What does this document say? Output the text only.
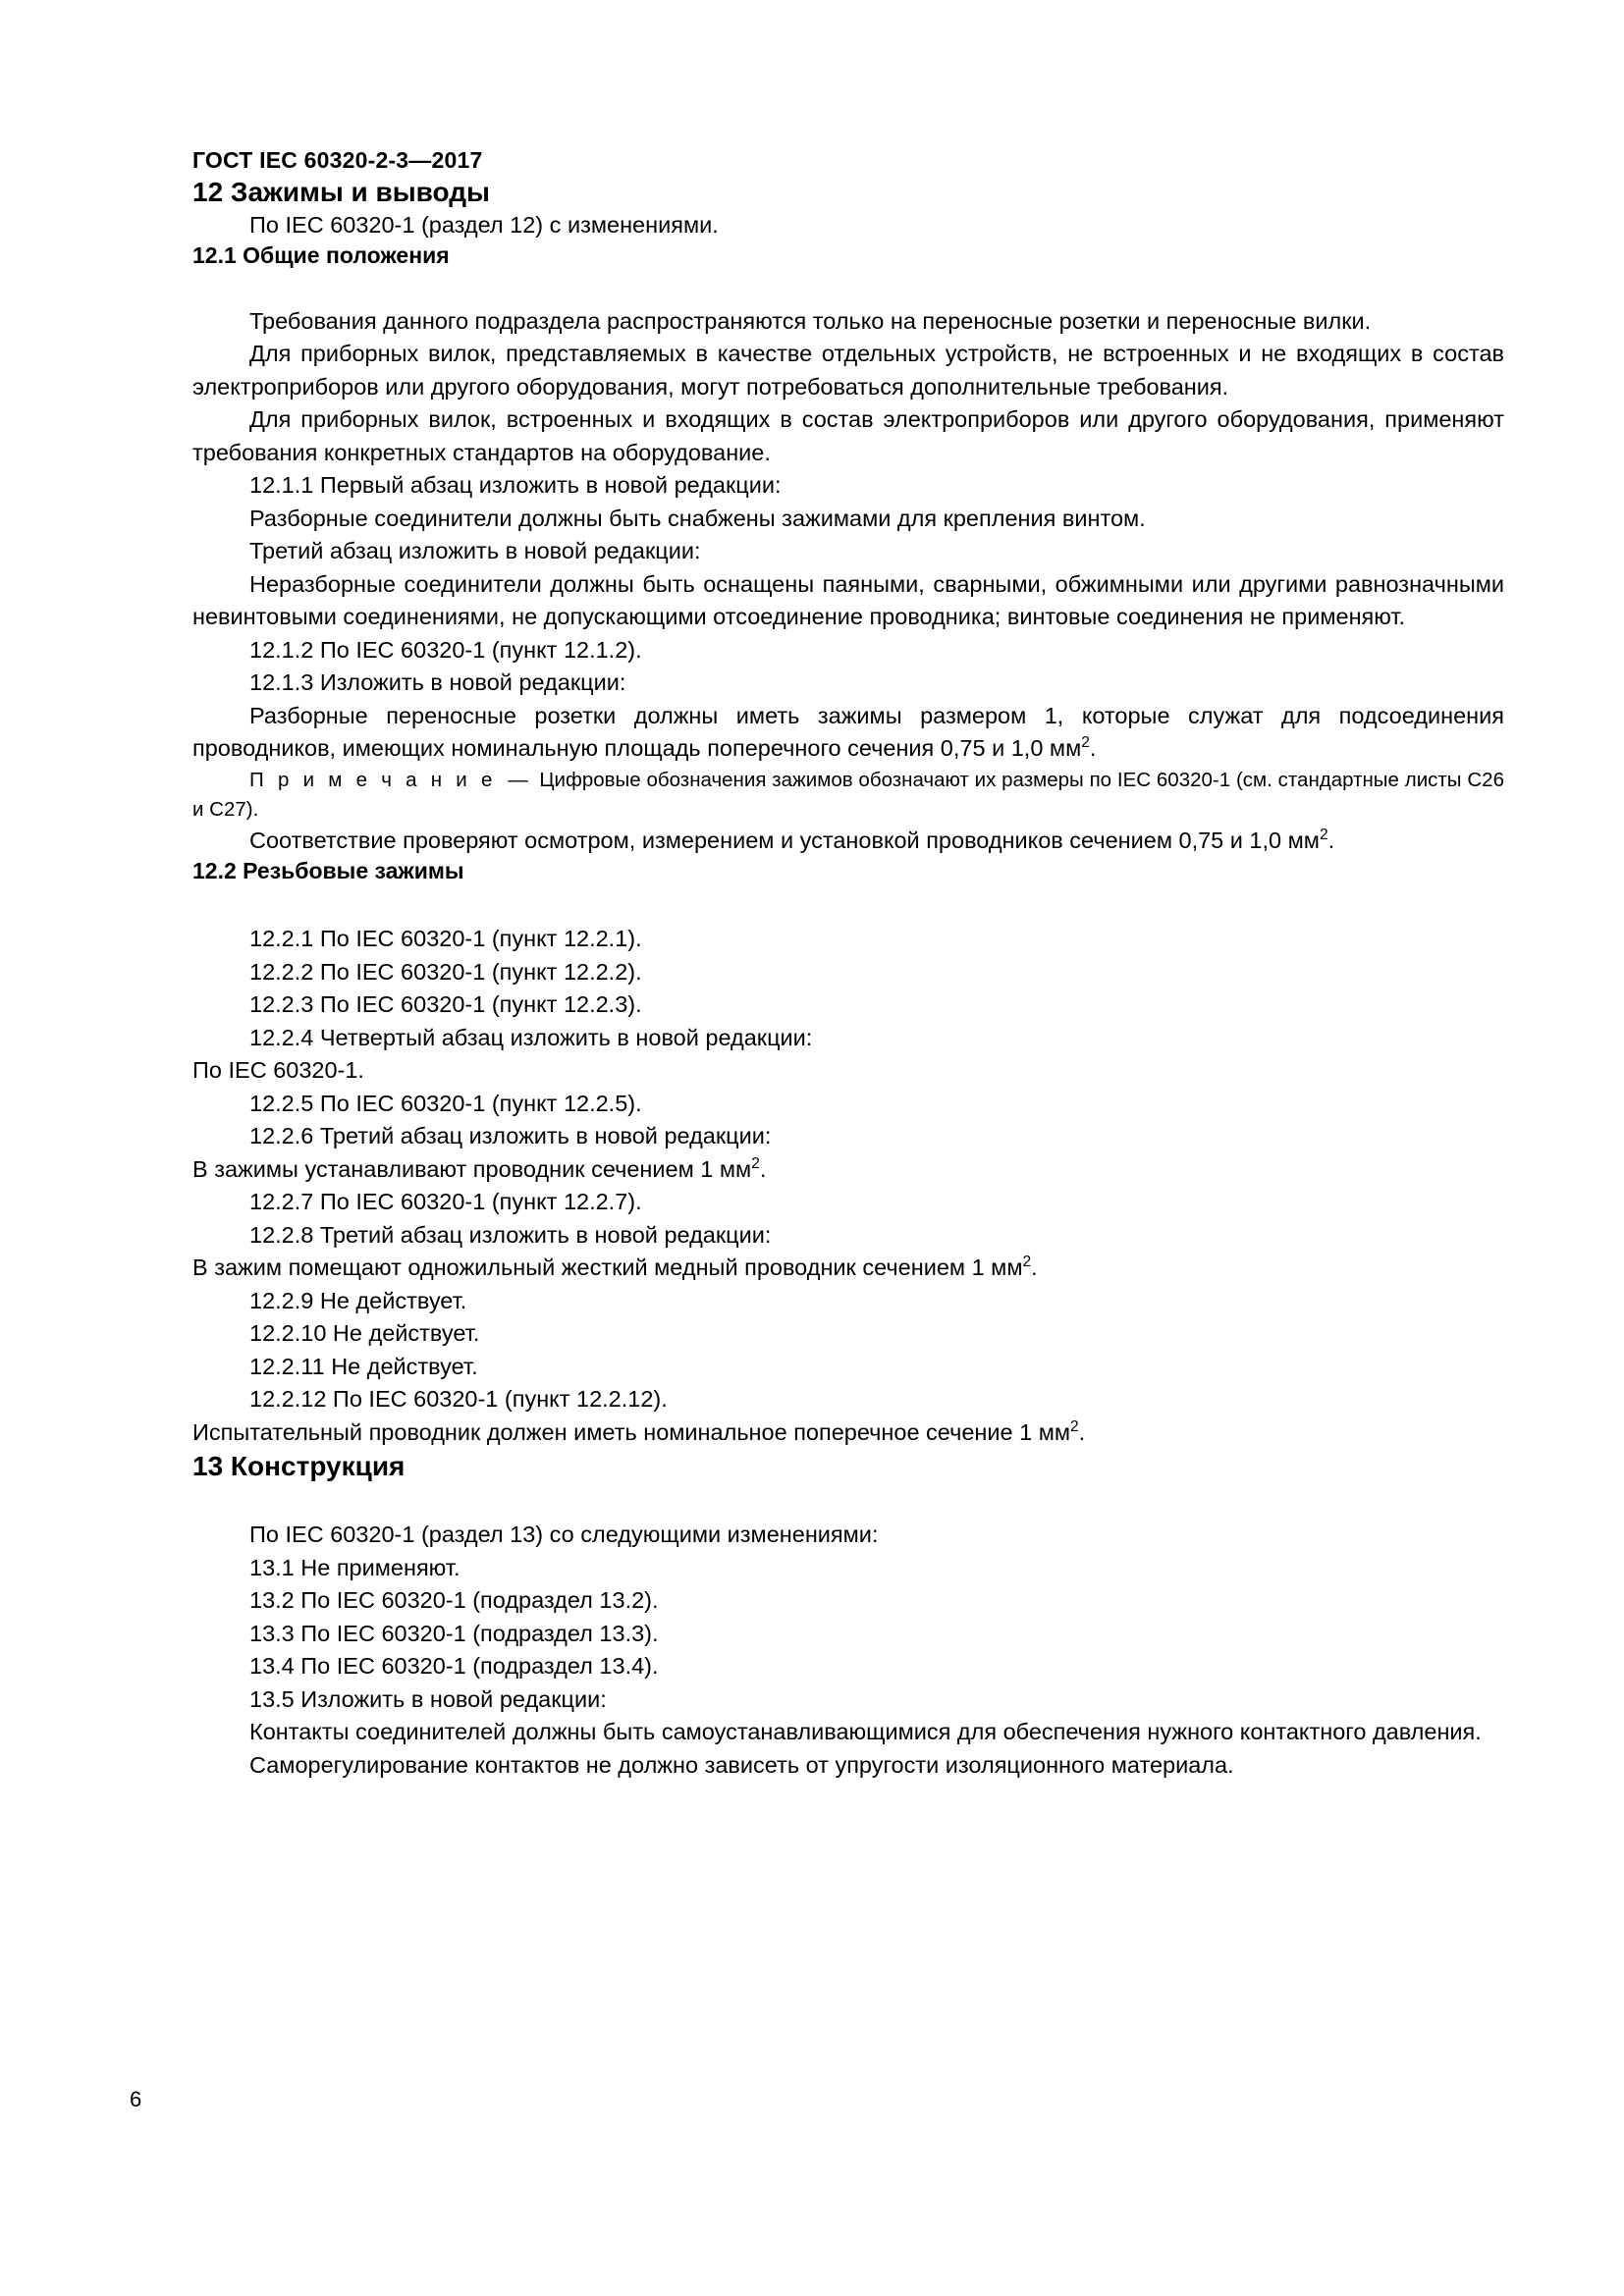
ГОСТ IEC 60320-2-3—2017
12 Зажимы и выводы

По IEC 60320-1 (раздел 12) с изменениями.

12.1 Общие положения

Требования данного подраздела распространяются только на переносные розетки и переносные вилки.

Для приборных вилок, представляемых в качестве отдельных устройств, не встроенных и не входящих в состав электроприборов или другого оборудования, могут потребоваться дополнительные требования.

Для приборных вилок, встроенных и входящих в состав электроприборов или другого оборудования, применяют требования конкретных стандартов на оборудование.

12.1.1 Первый абзац изложить в новой редакции:

Разборные соединители должны быть снабжены зажимами для крепления винтом.

Третий абзац изложить в новой редакции:

Неразборные соединители должны быть оснащены паяными, сварными, обжимными или другими равнозначными невинтовыми соединениями, не допускающими отсоединение проводника; винтовые соединения не применяют.

12.1.2 По IEC 60320-1 (пункт 12.1.2).

12.1.3 Изложить в новой редакции:

Разборные переносные розетки должны иметь зажимы размером 1, которые служат для подсоединения проводников, имеющих номинальную площадь поперечного сечения 0,75 и 1,0 $мм^2$.

П р и м е ч а н и е — Цифровые обозначения зажимов обозначают их размеры по IEC 60320-1 (см. стандартные листы С26 и С27).

Соответствие проверяют осмотром, измерением и установкой проводников сечением 0,75 и 1,0 $мм^2$.

12.2 Резьбовые зажимы

12.2.1 По IEC 60320-1 (пункт 12.2.1).

12.2.2 По IEC 60320-1 (пункт 12.2.2).

12.2.3 По IEC 60320-1 (пункт 12.2.3).

12.2.4 Четвертый абзац изложить в новой редакции:

По IEC 60320-1.

12.2.5 По IEC 60320-1 (пункт 12.2.5).

12.2.6 Третий абзац изложить в новой редакции:

В зажимы устанавливают проводник сечением 1 $мм^2$.

12.2.7 По IEC 60320-1 (пункт 12.2.7).

12.2.8 Третий абзац изложить в новой редакции:

В зажим помещают одножильный жесткий медный проводник сечением 1 $мм^2$.

12.2.9 Не действует.

12.2.10 Не действует.

12.2.11 Не действует.

12.2.12 По IEC 60320-1 (пункт 12.2.12).

Испытательный проводник должен иметь номинальное поперечное сечение 1 $мм^2$.

13 Конструкция

По IEC 60320-1 (раздел 13) со следующими изменениями:

13.1 Не применяют.

13.2 По IEC 60320-1 (подраздел 13.2).

13.3 По IEC 60320-1 (подраздел 13.3).

13.4 По IEC 60320-1 (подраздел 13.4).

13.5 Изложить в новой редакции:

Контакты соединителей должны быть самоустанавливающимися для обеспечения нужного контактного давления.

Саморегулирование контактов не должно зависеть от упругости изоляционного материала.

6
